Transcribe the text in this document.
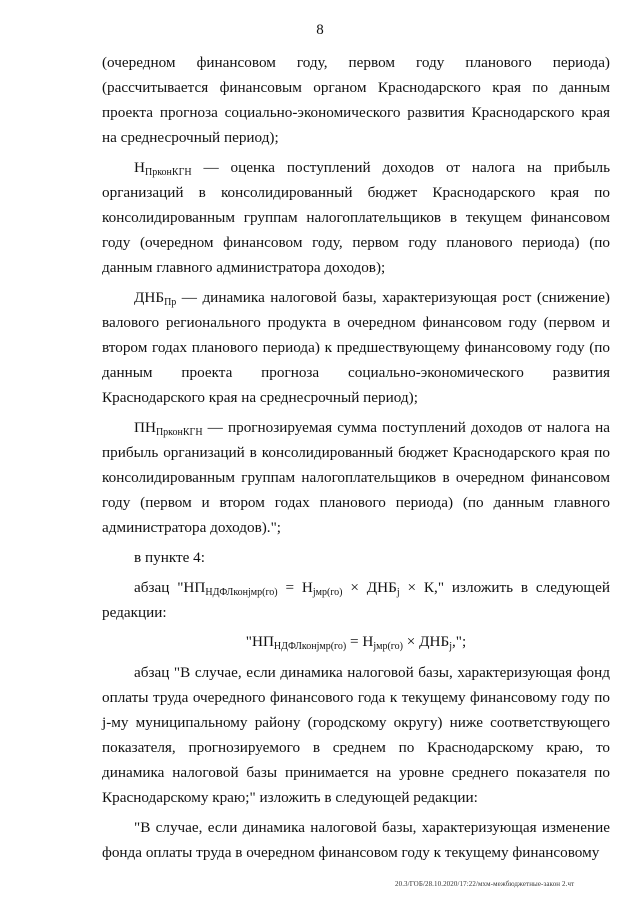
8

(очередном финансовом году, первом году планового периода) (рассчитывается финансовым органом Краснодарского края по данным проекта прогноза социально-экономического развития Краснодарского края на среднесрочный период);

$Н_{ПрконКГН}$ — оценка поступлений доходов от налога на прибыль организаций в консолидированный бюджет Краснодарского края по консолидированным группам налогоплательщиков в текущем финансовом году (очередном финансовом году, первом году планового периода) (по данным главного администратора доходов);

$ДНБ_{Пр}$ — динамика налоговой базы, характеризующая рост (снижение) валового регионального продукта в очередном финансовом году (первом и втором годах планового периода) к предшествующему финансовому году (по данным проекта прогноза социально-экономического развития Краснодарского края на среднесрочный период);

$ПН_{ПрконКГН}$ — прогнозируемая сумма поступлений доходов от налога на прибыль организаций в консолидированный бюджет Краснодарского края по консолидированным группам налогоплательщиков в очередном финансовом году (первом и втором годах планового периода) (по данным главного администратора доходов).";

в пункте 4:

абзац "$НП_{НДФЛконjмр(го)} = Н_{jмр(го)} \times ДНБ_j \times К$," изложить в следующей редакции:

"$НП_{НДФЛконjмр(го)} = Н_{jмр(го)} \times ДНБ_j$,";

абзац "В случае, если динамика налоговой базы, характеризующая фонд оплаты труда очередного финансового года к текущему финансовому году по j-му муниципальному району (городскому округу) ниже соответствующего показателя, прогнозируемого в среднем по Краснодарскому краю, то динамика налоговой базы принимается на уровне среднего показателя по Краснодарскому краю;" изложить в следующей редакции:

"В случае, если динамика налоговой базы, характеризующая изменение фонда оплаты труда в очередном финансовом году к текущему финансовому

20.3/ГОБ/28.10.2020/17:22/мхм-межбюджетные-закон 2.чт
